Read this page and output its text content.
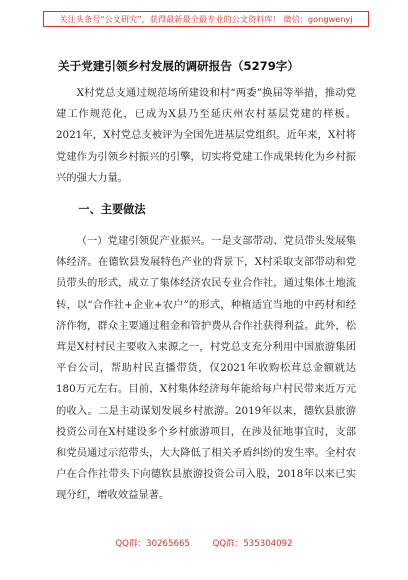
关注头条号“公文研究”，获得最新最全最专业的公文资料库！ 微信：gongwenyj
关于党建引领乡村发展的调研报告（5279字）

X村党总支通过规范场所建设和村“两委”换届等举措，推动党建工作规范化，已成为X县乃至延庆州农村基层党建的样板。2021年，X村党总支被评为全国先进基层党组织。近年来，X村将党建作为引领乡村振兴的引擎，切实将党建工作成果转化为乡村振兴的强大力量。

一、主要做法

（一）党建引领促产业振兴。一是支部带动、党员带头发展集体经济。在德钦县发展特色产业的背景下，X村采取支部带动和党员带头的形式，成立了集体经济农民专业合作社，通过集体土地流转，以“合作社+企业+农户”的形式，种植适宜当地的中药材和经济作物，群众主要通过租金和管护费从合作社获得利益。此外，松茸是X村村民主要收入来源之一，村党总支充分利用中国旅游集团平台公司，帮助村民直播带货，仅2021年收购松茸总金额就达180万元左右。目前，X村集体经济每年能给每户村民带来近万元的收入。二是主动谋划发展乡村旅游。2019年以来，德钦县旅游投资公司在X村建设多个乡村旅游项目，在涉及征地事宜时，支部和党员通过示范带头，大大降低了相关矛盾纠纷的发生率。全村农户在合作社带头下向德钦县旅游投资公司入股，2018年以来已实现分红，增收效益显著。

QQ群：30265665	QQ群：535304092
